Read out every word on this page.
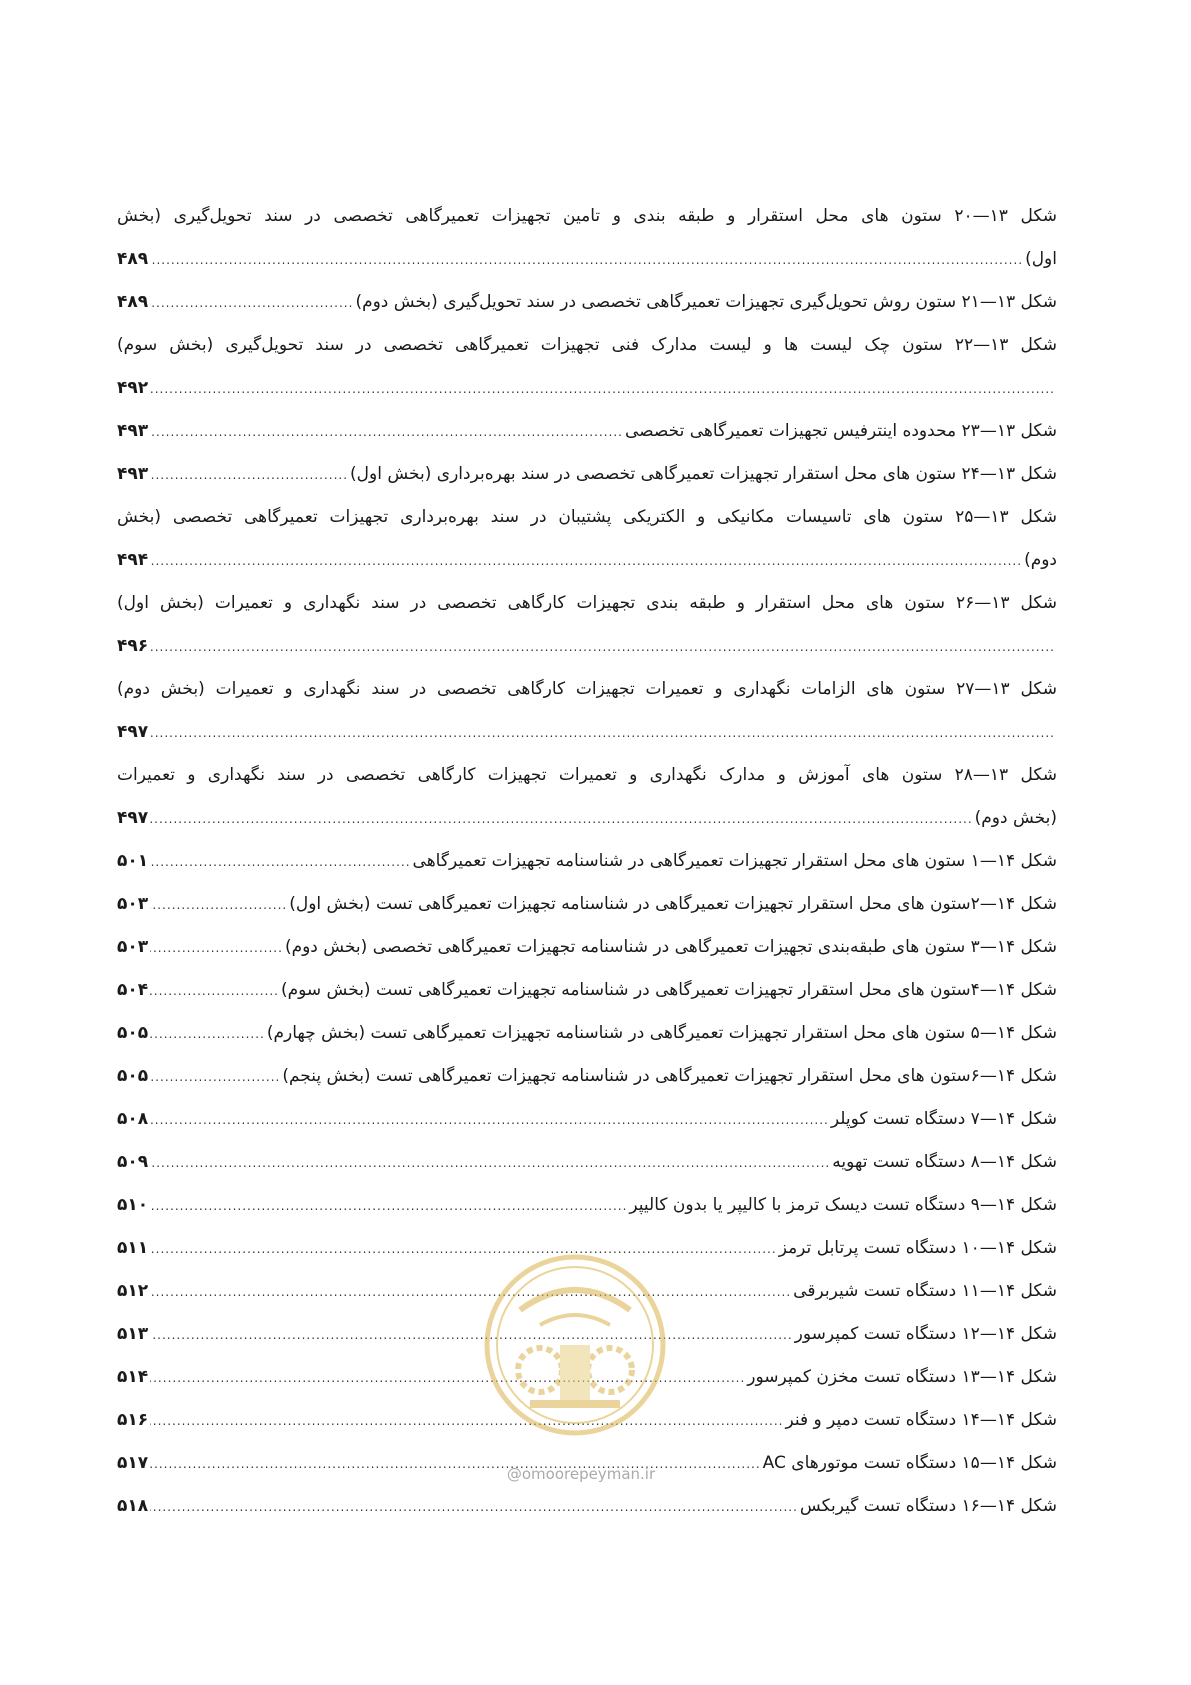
شکل ۱۳—۲۰ ستون های محل استقرار و طبقه بندی و تامین تجهیزات تعمیرگاهی تخصصی در سند تحویل‌گیری (بخش
اول)
.....
۴۸۹
شکل ۱۳—۲۱ ستون روش تحویل‌گیری تجهیزات تعمیرگاهی تخصصی در سند تحویل‌گیری (بخش دوم)
.....
۴۸۹
شکل ۱۳—۲۲ ستون چک لیست ها و لیست مدارک فنی تجهیزات تعمیرگاهی تخصصی در سند تحویل‌گیری (بخش سوم)
.....
۴۹۲
شکل ۱۳—۲۳ محدوده اینترفیس تجهیزات تعمیرگاهی تخصصی
.....
۴۹۳
شکل ۱۳—۲۴ ستون های محل استقرار تجهیزات تعمیرگاهی تخصصی در سند بهره‌برداری (بخش اول)
.....
۴۹۳
شکل ۱۳—۲۵ ستون های تاسیسات مکانیکی و الکتریکی پشتیبان در سند بهره‌برداری تجهیزات تعمیرگاهی تخصصی (بخش
دوم)
.....
۴۹۴
شکل ۱۳—۲۶ ستون های محل استقرار و طبقه بندی تجهیزات کارگاهی تخصصی در سند نگهداری و تعمیرات (بخش اول)
.....
۴۹۶
شکل ۱۳—۲۷ ستون های الزامات نگهداری و تعمیرات تجهیزات کارگاهی تخصصی در سند نگهداری و تعمیرات (بخش دوم)
.....
۴۹۷
شکل ۱۳—۲۸ ستون های آموزش و مدارک نگهداری و تعمیرات تجهیزات کارگاهی تخصصی در سند نگهداری و تعمیرات
(بخش دوم)
.....
۴۹۷
شکل ۱۴—۱ ستون های محل استقرار تجهیزات تعمیرگاهی در شناسنامه تجهیزات تعمیرگاهی
.....
۵۰۱
شکل ۱۴—۲ستون های محل استقرار تجهیزات تعمیرگاهی در شناسنامه تجهیزات تعمیرگاهی تست (بخش اول)
.....
۵۰۳
شکل ۱۴—۳ ستون های طبقه‌بندی تجهیزات تعمیرگاهی در شناسنامه تجهیزات تعمیرگاهی تخصصی (بخش دوم)
.....
۵۰۳
شکل ۱۴—۴ستون های محل استقرار تجهیزات تعمیرگاهی در شناسنامه تجهیزات تعمیرگاهی تست (بخش سوم)
.....
۵۰۴
شکل ۱۴—۵ ستون های محل استقرار تجهیزات تعمیرگاهی در شناسنامه تجهیزات تعمیرگاهی تست (بخش چهارم)
.....
۵۰۵
شکل ۱۴—۶ستون های محل استقرار تجهیزات تعمیرگاهی در شناسنامه تجهیزات تعمیرگاهی تست (بخش پنجم)
.....
۵۰۵
شکل ۱۴—۷ دستگاه تست کوپلر
.....
۵۰۸
شکل ۱۴—۸ دستگاه تست تهویه
.....
۵۰۹
شکل ۱۴—۹ دستگاه تست دیسک ترمز با کالیپر یا بدون کالیپر
.....
۵۱۰
شکل ۱۴—۱۰ دستگاه تست پرتابل ترمز
.....
۵۱۱
شکل ۱۴—۱۱ دستگاه تست شیربرقی
.....
۵۱۲
شکل ۱۴—۱۲ دستگاه تست کمپرسور
.....
۵۱۳
شکل ۱۴—۱۳ دستگاه تست مخزن کمپرسور
.....
۵۱۴
شکل ۱۴—۱۴ دستگاه تست دمپر و فنر
.....
۵۱۶
شکل ۱۴—۱۵ دستگاه تست موتورهای AC
.....
۵۱۷
شکل ۱۴—۱۶ دستگاه تست گیربکس
.....
۵۱۸
@omoorepeyman.ir
